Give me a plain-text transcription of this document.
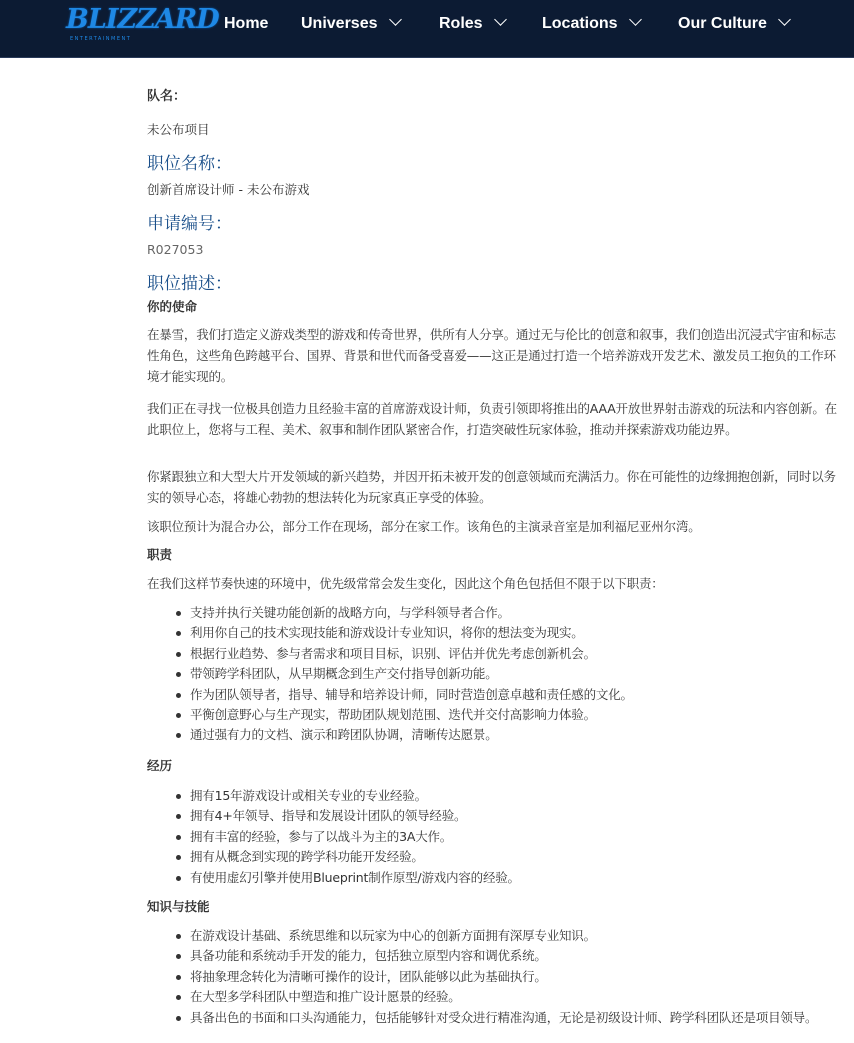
BLIZZARD
ENTERTAINMENT
Home Universes	Roles	Locations	Our Culture
队名：
未公布项目
职位名称：
创新首席设计师 - 未公布游戏
申请编号：
R027053
职位描述：
你的使命

在暴雪，我们打造定义游戏类型的游戏和传奇世界，供所有人分享。通过无与伦比的创意和叙事，我们创造出沉浸式宇宙和标志性角色，这些角色跨越平台、国界、背景和世代而备受喜爱——这正是通过打造一个培养游戏开发艺术、激发员工抱负的工作环境才能实现的。

我们正在寻找一位极具创造力且经验丰富的首席游戏设计师，负责引领即将推出的AAA开放世界射击游戏的玩法和内容创新。在此职位上，您将与工程、美术、叙事和制作团队紧密合作，打造突破性玩家体验，推动并探索游戏功能边界。

你紧跟独立和大型大片开发领域的新兴趋势，并因开拓未被开发的创意领域而充满活力。你在可能性的边缘拥抱创新，同时以务实的领导心态，将雄心勃勃的想法转化为玩家真正享受的体验。

该职位预计为混合办公，部分工作在现场，部分在家工作。该角色的主演录音室是加利福尼亚州尔湾。

职责

在我们这样节奏快速的环境中，优先级常常会发生变化，因此这个角色包括但不限于以下职责：

支持并执行关键功能创新的战略方向，与学科领导者合作。
利用你自己的技术实现技能和游戏设计专业知识，将你的想法变为现实。
根据行业趋势、参与者需求和项目目标，识别、评估并优先考虑创新机会。
带领跨学科团队，从早期概念到生产交付指导创新功能。
作为团队领导者，指导、辅导和培养设计师，同时营造创意卓越和责任感的文化。
平衡创意野心与生产现实，帮助团队规划范围、迭代并交付高影响力体验。
通过强有力的文档、演示和跨团队协调，清晰传达愿景。
经历
拥有15年游戏设计或相关专业的专业经验。
拥有4+年领导、指导和发展设计团队的领导经验。
拥有丰富的经验，参与了以战斗为主的3A大作。
拥有从概念到实现的跨学科功能开发经验。
有使用虚幻引擎并使用Blueprint制作原型/游戏内容的经验。
知识与技能
在游戏设计基础、系统思维和以玩家为中心的创新方面拥有深厚专业知识。
具备功能和系统动手开发的能力，包括独立原型内容和调优系统。
将抽象理念转化为清晰可操作的设计，团队能够以此为基础执行。
在大型多学科团队中塑造和推广设计愿景的经验。
具备出色的书面和口头沟通能力，包括能够针对受众进行精准沟通，无论是初级设计师、跨学科团队还是项目领导。
